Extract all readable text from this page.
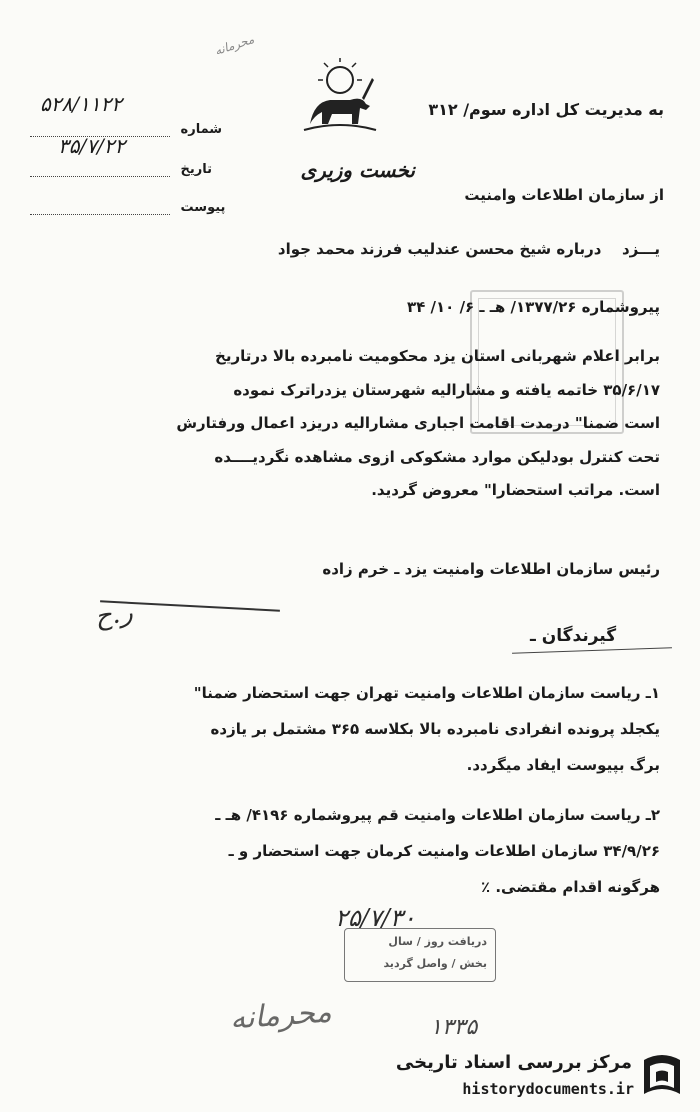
محرمانه
به مدیریت کل اداره سوم/ ۳۱۲
نخست وزیری
از سازمان اطلاعات وامنیت
شماره
۵۲۸/۱۱۲۲
تاریخ
۳۵/۷/۲۲
پیوست
یـــزد  درباره شیخ محسن عندلیب فرزند محمد جواد
پیروشماره ۱۳۷۷/۲۶/ هـ ـ ۶/ ۱۰/ ۳۴
برابر اعلام شهربانی استان یزد محکومیت نامبرده بالا درتاریخ
۳۵/۶/۱۷ خاتمه یافته و مشارالیه شهرستان یزدراترک نموده
است ضمنا" درمدت اقامت اجباری مشارالیه دریزد اعمال ورفتارش
تحت کنترل بودلیکن موارد مشکوکی ازوی مشاهده نگردیــــده
است. مراتب استحضارا" معروض گردید.
رئیس سازمان اطلاعات وامنیت یزد ـ خرم زاده
ر.ح
گیرندگان ـ
۱ـ ریاست سازمان اطلاعات وامنیت تهران جهت استحضار ضمنا"
یکجلد پرونده انفرادی نامبرده بالا بکلاسه ۳۶۵ مشتمل بر یازده
برگ بپیوست ایفاد میگردد.
۲ـ ریاست سازمان اطلاعات وامنیت قم پیروشماره ۴۱۹۶/ هـ ـ
۳۴/۹/۲۶ سازمان اطلاعات وامنیت کرمان جهت استحضار و ـ
هرگونه اقدام مقتضی. ٪
۲۵/۷/۳۰
دریافت روز / سال
بخش / واصل گردید
محرمانه	۱۳۳۵
مرکز بررسی اسناد تاریخی
historydocuments.ir
